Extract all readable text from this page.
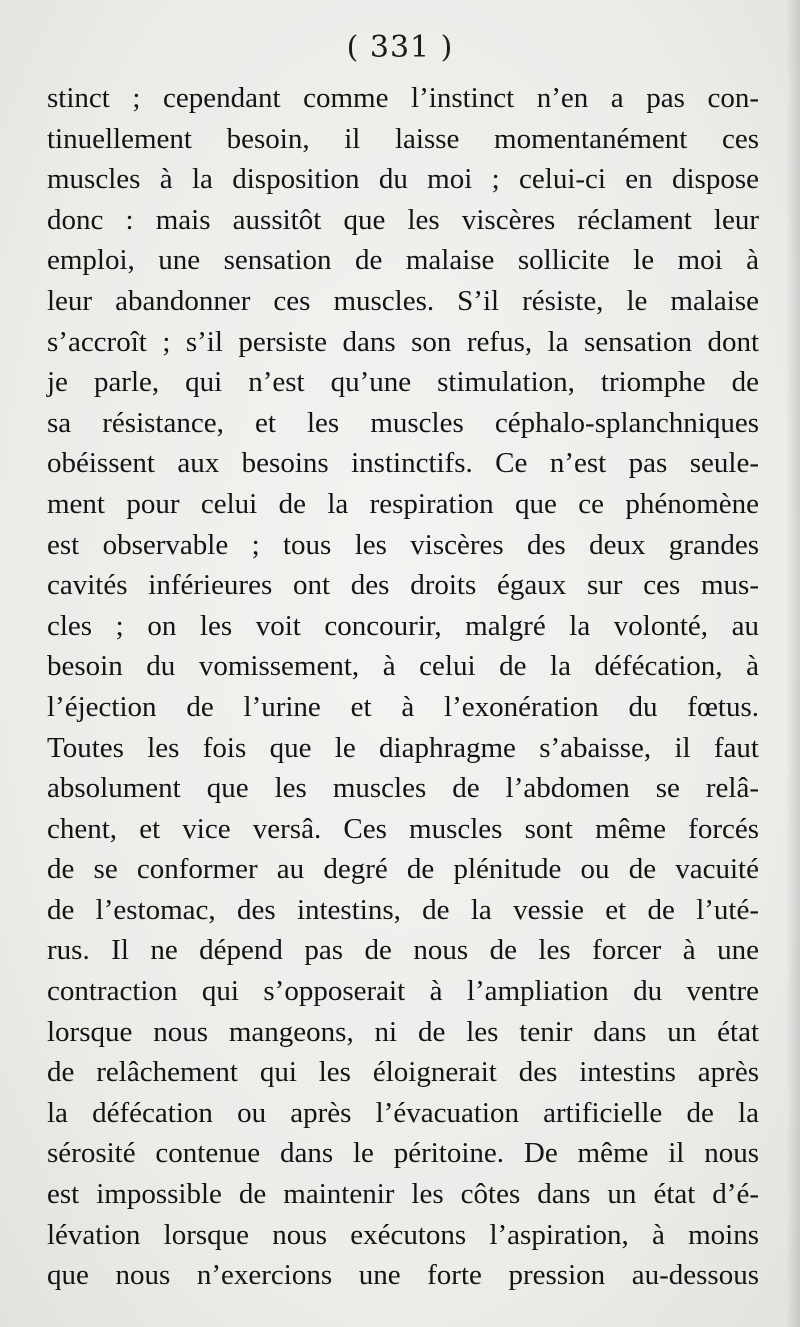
( 331 )
stinct ; cependant comme l’instinct n’en a pas con-
tinuellement besoin, il laisse momentanément ces
muscles à la disposition du moi ; celui-ci en dispose
donc : mais aussitôt que les viscères réclament leur
emploi, une sensation de malaise sollicite le moi à
leur abandonner ces muscles. S’il résiste, le malaise
s’accroît ; s’il persiste dans son refus, la sensation dont
je parle, qui n’est qu’une stimulation, triomphe de
sa résistance, et les muscles céphalo-splanchniques
obéissent aux besoins instinctifs. Ce n’est pas seule-
ment pour celui de la respiration que ce phénomène
est observable ; tous les viscères des deux grandes
cavités inférieures ont des droits égaux sur ces mus-
cles ; on les voit concourir, malgré la volonté, au
besoin du vomissement, à celui de la défécation, à
l’éjection de l’urine et à l’exonération du fœtus.
Toutes les fois que le diaphragme s’abaisse, il faut
absolument que les muscles de l’abdomen se relâ-
chent, et vice versâ. Ces muscles sont même forcés
de se conformer au degré de plénitude ou de vacuité
de l’estomac, des intestins, de la vessie et de l’uté-
rus. Il ne dépend pas de nous de les forcer à une
contraction qui s’opposerait à l’ampliation du ventre
lorsque nous mangeons, ni de les tenir dans un état
de relâchement qui les éloignerait des intestins après
la défécation ou après l’évacuation artificielle de la
sérosité contenue dans le péritoine. De même il nous
est impossible de maintenir les côtes dans un état d’é-
lévation lorsque nous exécutons l’aspiration, à moins
que nous n’exercions une forte pression au-dessous
